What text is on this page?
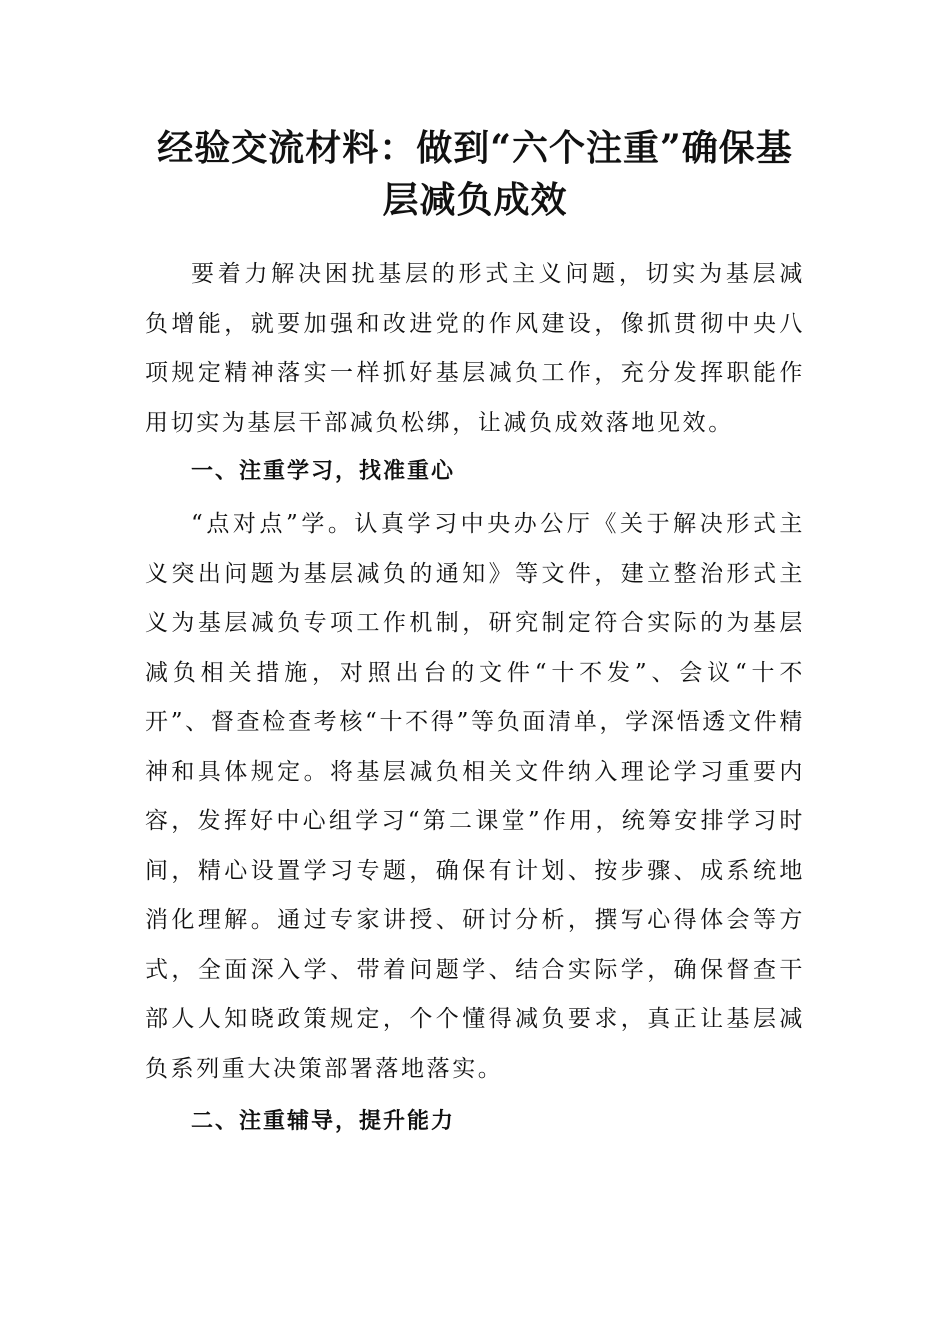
经验交流材料：做到“六个注重”确保基层减负成效

要着力解决困扰基层的形式主义问题，切实为基层减负增能，就要加强和改进党的作风建设，像抓贯彻中央八项规定精神落实一样抓好基层减负工作，充分发挥职能作用切实为基层干部减负松绑，让减负成效落地见效。

一、注重学习，找准重心

“点对点”学。认真学习中央办公厅《关于解决形式主义突出问题为基层减负的通知》等文件，建立整治形式主义为基层减负专项工作机制，研究制定符合实际的为基层减负相关措施，对照出台的文件“十不发”、会议“十不开”、督查检查考核“十不得”等负面清单，学深悟透文件精神和具体规定。将基层减负相关文件纳入理论学习重要内容，发挥好中心组学习“第二课堂”作用，统筹安排学习时间，精心设置学习专题，确保有计划、按步骤、成系统地消化理解。通过专家讲授、研讨分析，撰写心得体会等方式，全面深入学、带着问题学、结合实际学，确保督查干部人人知晓政策规定，个个懂得减负要求，真正让基层减负系列重大决策部署落地落实。

二、注重辅导，提升能力
